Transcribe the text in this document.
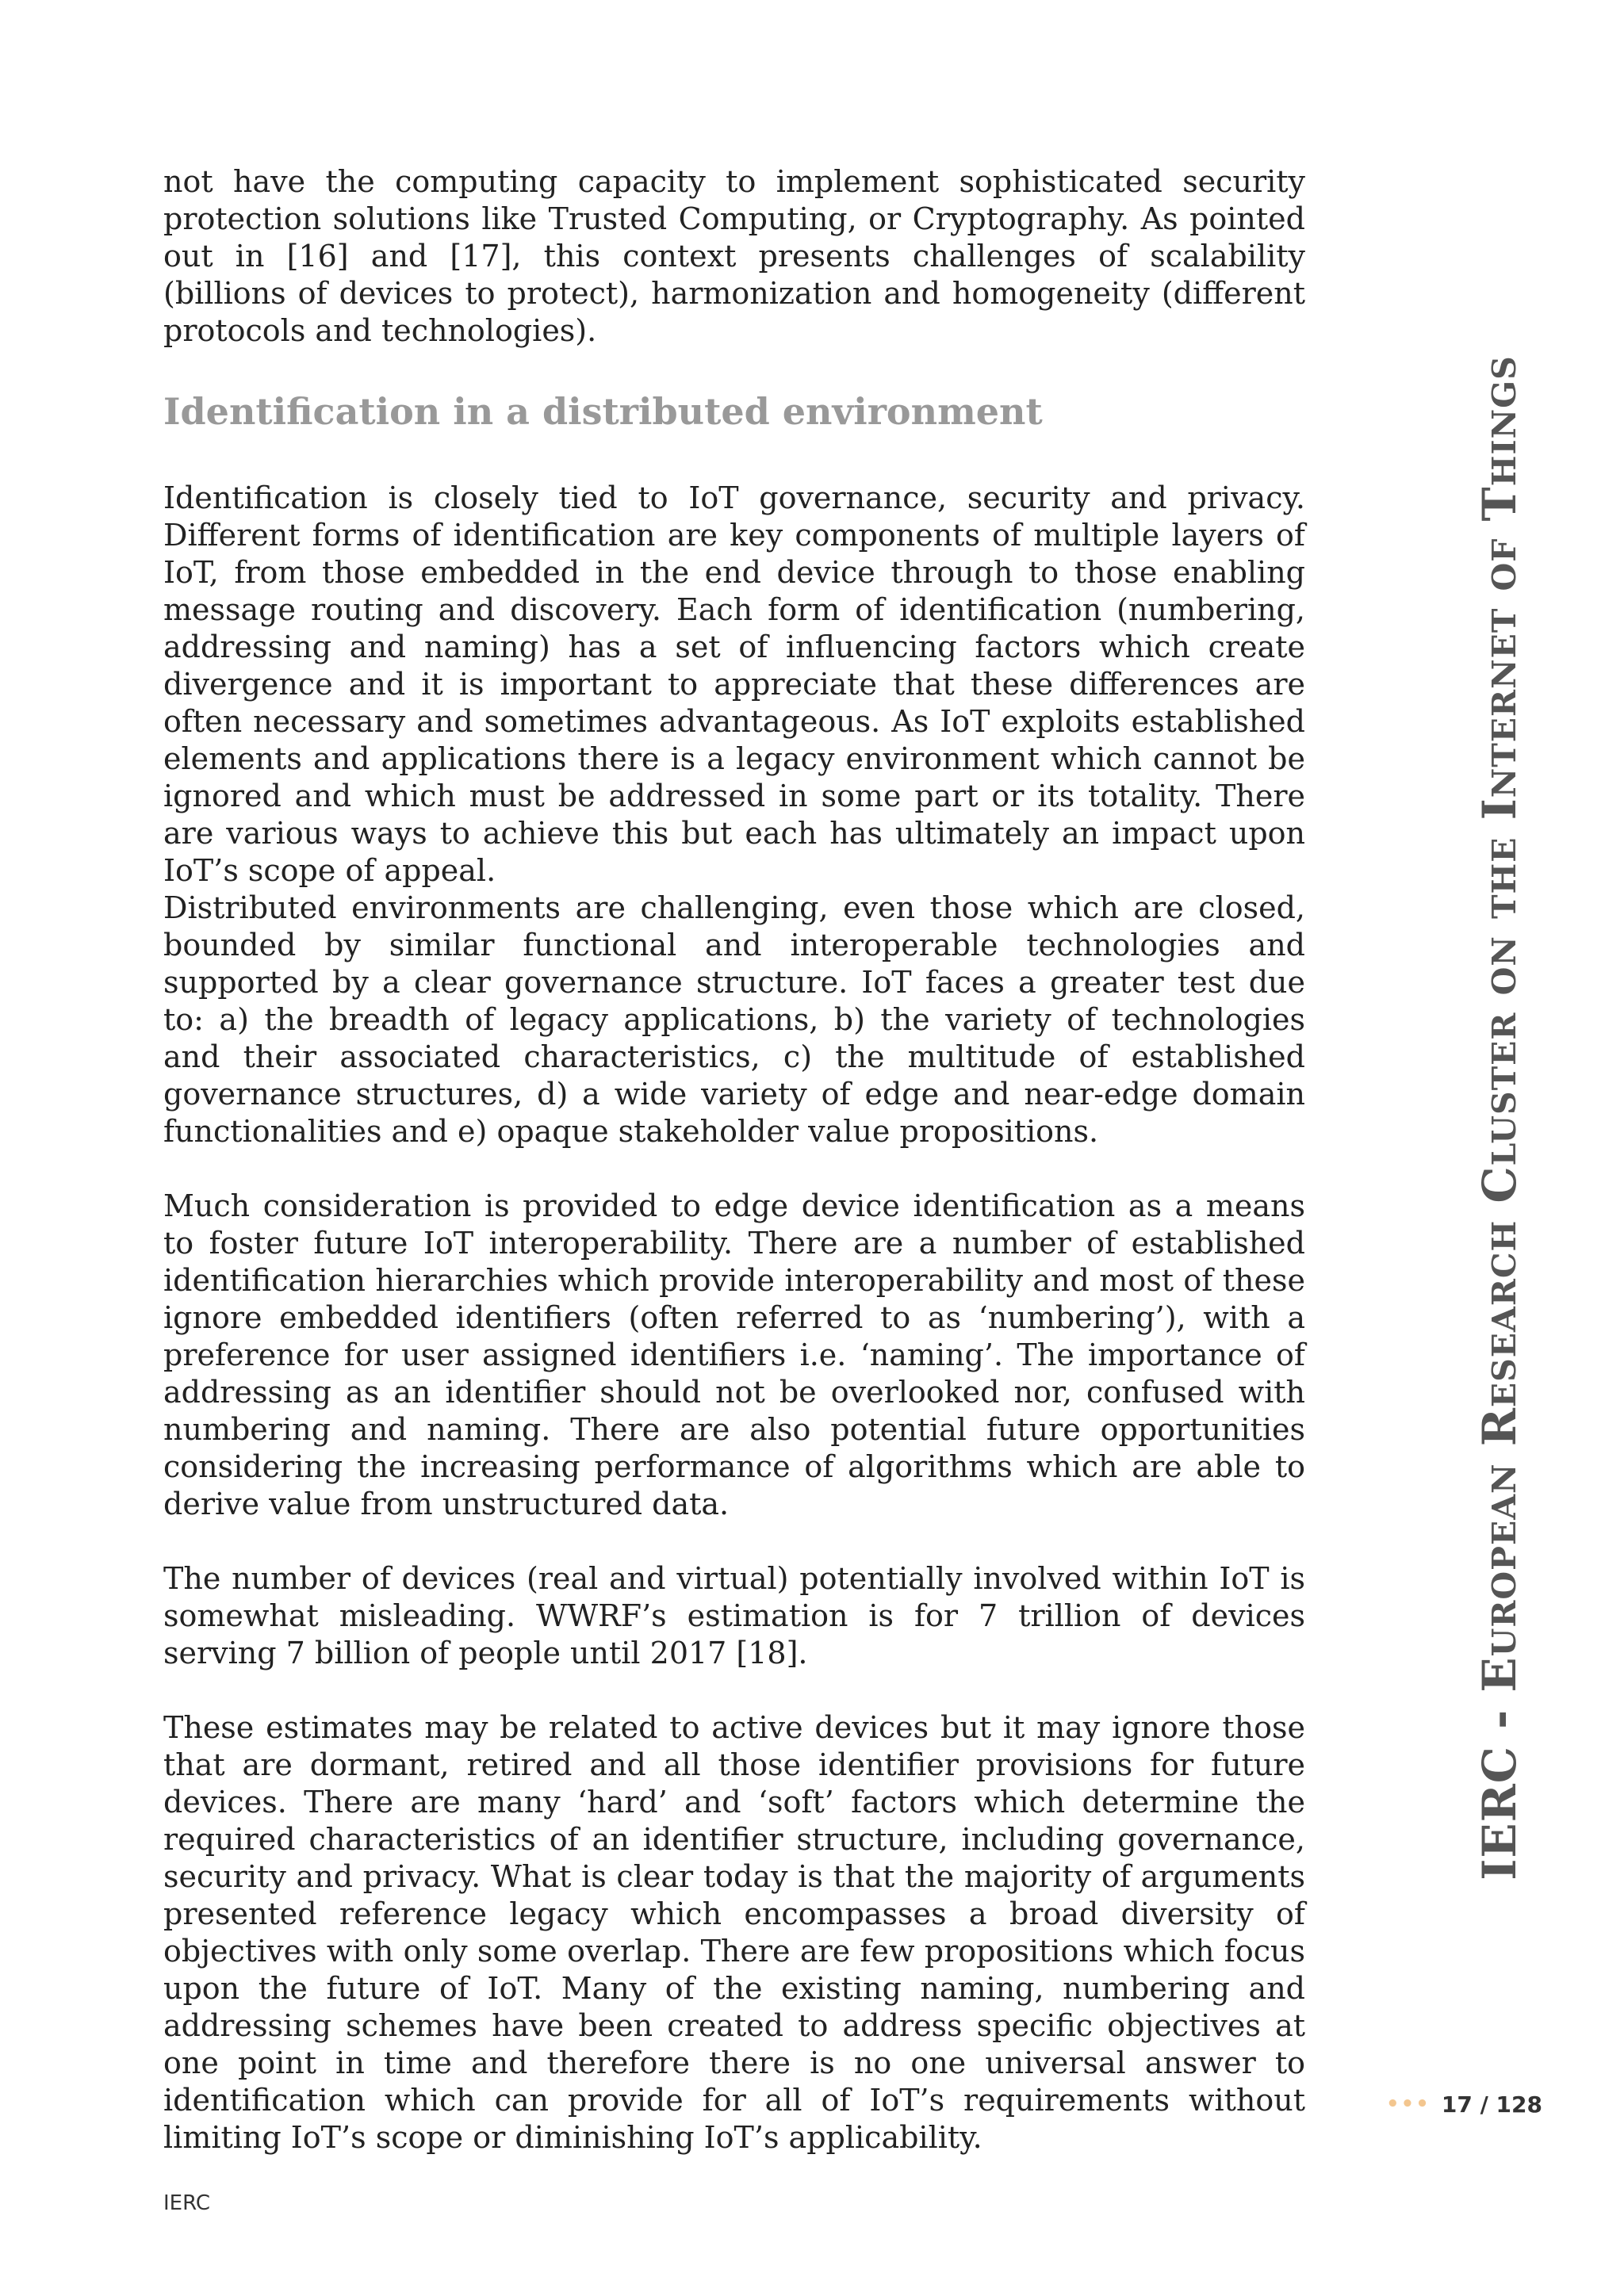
not have the computing capacity to implement sophisticated security protection solutions like Trusted Computing, or Cryptography. As pointed out in [16] and [17], this context presents challenges of scalability (billions of devices to protect), harmonization and homogeneity (different protocols and technologies).

Identification in a distributed environment

Identification is closely tied to IoT governance, security and privacy. Different forms of identification are key components of multiple layers of IoT, from those embedded in the end device through to those enabling message routing and discovery. Each form of identification (numbering, addressing and naming) has a set of influencing factors which create divergence and it is important to appreciate that these differences are often necessary and sometimes advantageous. As IoT exploits established elements and applications there is a legacy environment which cannot be ignored and which must be addressed in some part or its totality. There are various ways to achieve this but each has ultimately an impact upon IoT’s scope of appeal.

Distributed environments are challenging, even those which are closed, bounded by similar functional and interoperable technologies and supported by a clear governance structure. IoT faces a greater test due to: a) the breadth of legacy applications, b) the variety of technologies and their associated characteristics, c) the multitude of established governance structures, d) a wide variety of edge and near-edge domain functionalities and e) opaque stakeholder value propositions.

Much consideration is provided to edge device identification as a means to foster future IoT interoperability. There are a number of established identification hierarchies which provide interoperability and most of these ignore embedded identifiers (often referred to as ‘numbering’), with a preference for user assigned identifiers i.e. ‘naming’. The importance of addressing as an identifier should not be overlooked nor, confused with numbering and naming. There are also potential future opportunities considering the increasing performance of algorithms which are able to derive value from unstructured data.

The number of devices (real and virtual) potentially involved within IoT is somewhat misleading. WWRF’s estimation is for 7 trillion of devices serving 7 billion of people until 2017 [18].

These estimates may be related to active devices but it may ignore those that are dormant, retired and all those identifier provisions for future devices. There are many ‘hard’ and ‘soft’ factors which determine the required characteristics of an identifier structure, including governance, security and privacy. What is clear today is that the majority of arguments presented reference legacy which encompasses a broad diversity of objectives with only some overlap. There are few propositions which focus upon the future of IoT. Many of the existing naming, numbering and addressing schemes have been created to address specific objectives at one point in time and therefore there is no one universal answer to identification which can provide for all of IoT’s requirements without limiting IoT’s scope or diminishing IoT’s applicability.

IERC - European Research Cluster on the Internet of Things
••• 17 / 128
IERC
